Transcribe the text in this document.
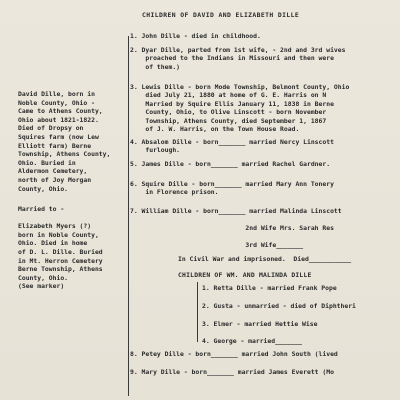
CHILDREN OF DAVID AND ELIZABETH DILLE
David Dille, born in
Noble County, Ohio -
Came to Athens County,
Ohio about 1821-1822.
Died of Dropsy on
Squires farm (now Lew
Elliott farm) Berne
Township, Athens County,
Ohio. Buried in
Aldermon Cemetery,
north of Joy Morgan
County, Ohio.
Married to -

Elizabeth Myers (?)
born in Noble County,
Ohio. Died in home
of D. L. Dille. Buried
in Mt. Herron Cemetery
Berne Township, Athens
County, Ohio.
(See marker)
1. John Dille - died in childhood.
2. Dyar Dille, parted from 1st wife, - 2nd and 3rd wives
proached to the Indians in Missouri and then were
of them.)
3. Lewis Dille - born Mode Township, Belmont County, Ohio
died July 21, 1880 at home of G. E. Harris on N
Married by Squire Ellis January 11, 1838 in Berne
County, Ohio, to Olive Linscott - born November
Township, Athens County, died September 1, 1867
of J. W. Harris, on the Town House Road.
4. Absalom Dille - born_______ married Nercy Linscott
furlough.
5. James Dille - born_______ married Rachel Gardner.
6. Squire Dille - born_______ married Mary Ann Tonery
in Florence prison.
7. William Dille - born_______ married Malinda Linscott

2nd Wife Mrs. Sarah Res

3rd Wife_______
8. Petey Dille - born_______ married John South (lived
9. Mary Dille - born_______ married James Everett (Mo
In Civil War and imprisoned.  Died___________
CHILDREN OF WM. AND MALINDA DILLE
1. Retta Dille - married Frank Pope
2. Gusta - unmarried - died of Diphtheri
3. Elmer - married Hettie Wise
4. George - married_______
